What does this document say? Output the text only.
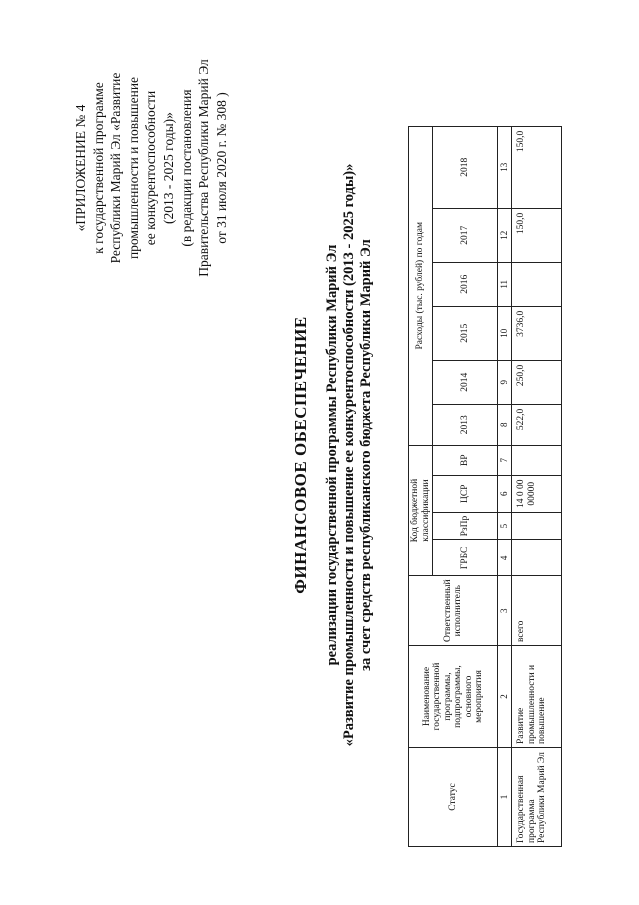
«ПРИЛОЖЕНИЕ № 4 к государственной программе Республики Марий Эл «Развитие промышленности и повышение ее конкурентоспособности (2013 - 2025 годы)» (в редакции постановления Правительства Республики Марий Эл от 31 июля 2020 г. № 308 )
ФИНАНСОВОЕ ОБЕСПЕЧЕНИЕ реализации государственной программы Республики Марий Эл «Развитие промышленности и повышение ее конкурентоспособности (2013 - 2025 годы)» за счет средств республиканского бюджета Республики Марий Эл
Статус	Наименование государственной программы, подпрограммы, основного мероприятия	Ответственный исполнитель	Код бюджетной классификации				Расходы (тыс. рублей) по годам					
			ГРБС	РзПр	ЦСР	ВР	2013	2014	2015	2016	2017	2018
1	2	3	4	5	6	7	8	9	10	11	12	13
Государственная программа Республики Марий Эл	Развитие промышленности и повышение	всего			14 0 00 00000		522,0	250,0	3736,0		150,0	150,0
